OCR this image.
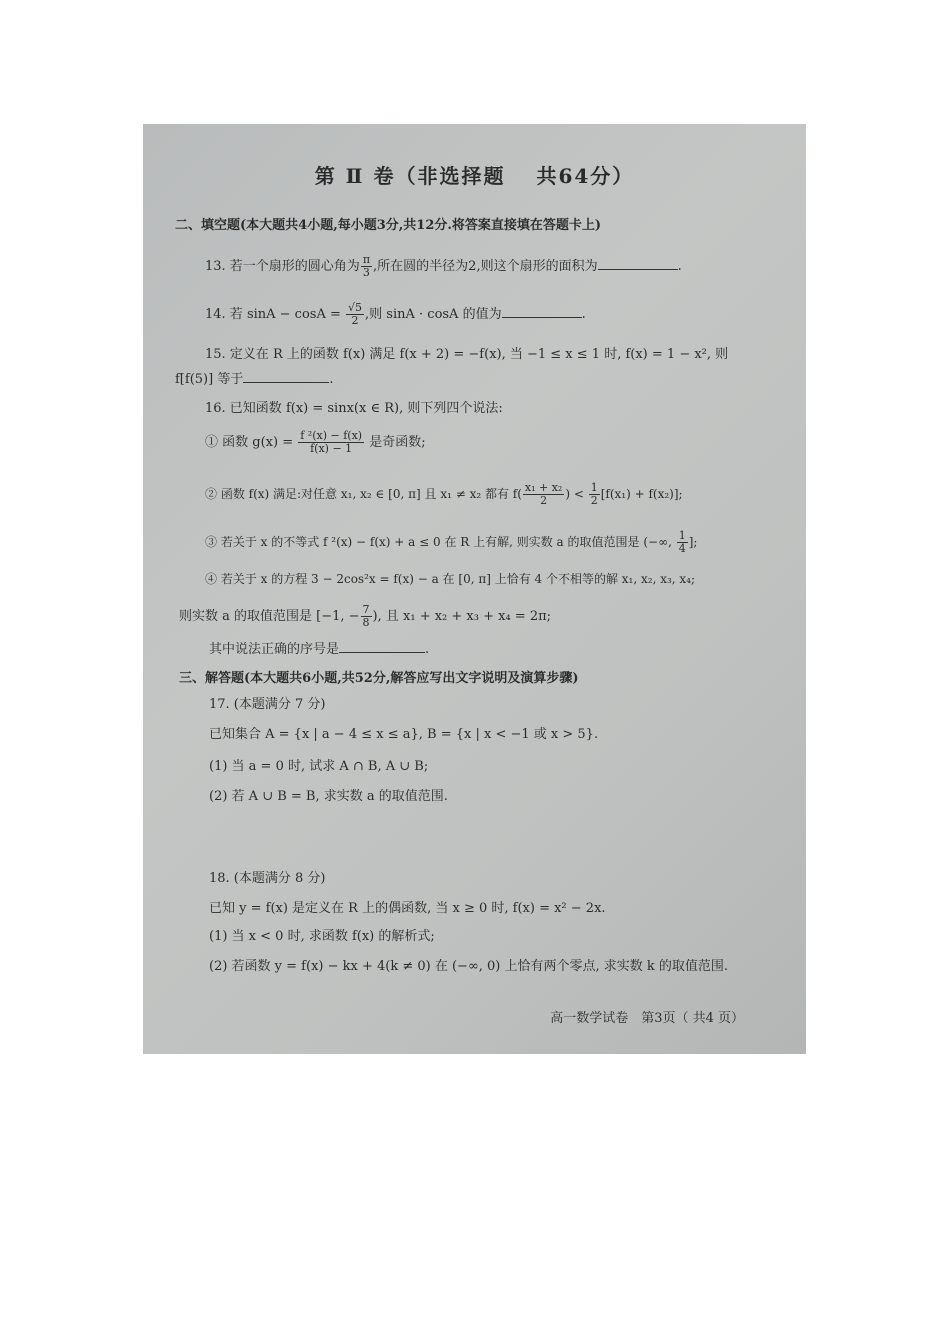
第 Ⅱ 卷（非选择题　 共64分）
二、填空题(本大题共4小题,每小题3分,共12分.将答案直接填在答题卡上)
13. 若一个扇形的圆心角为 $\frac{\pi}{3}$ ,所在圆的半径为2,则这个扇形的面积为	.
14. 若 $\sin A - \cos A = \frac{√5}{2}$ ,则 sinA · cosA 的值为	.
15. 定义在 R 上的函数 f(x) 满足 f(x + 2) = −f(x), 当 −1 ≤ x ≤ 1 时, f(x) = 1 − x², 则
f[f(5)] 等于	.
16. 已知函数 f(x) = sinx(x ∈ R), 则下列四个说法:
① 函数 $g(x) = \frac{\text{f ²(x) − f(x)}}{f(x) - 1}$ 是奇函数;
② 函数 f(x) 满足:对任意 x₁, x₂ ∈ [0, π] 且 x₁ ≠ x₂ 都有 $f( \frac{\text{x₁ + x₂}}{2}$ ) < $\frac{1}{2} [f(x_1) + f(x_2)]$;
③ 若关于 x 的不等式 f ²(x) − f(x) + a ≤ 0 在 R 上有解, 则实数 a 的取值范围是 (−∞, $\frac{1}{4}$ ];
④ 若关于 x 的方程 3 − 2cos²x = f(x) − a 在 [0, π] 上恰有 4 个不相等的解 x₁, x₂, x₃, x₄;
则实数 a 的取值范围是 [−1, − $\frac{7}{8}$ ), 且 x₁ + x₂ + x₃ + x₄ = 2π;
其中说法正确的序号是	.
三、解答题(本大题共6小题,共52分,解答应写出文字说明及演算步骤)
17. (本题满分 7 分)
已知集合 A = {x | a − 4 ≤ x ≤ a}, B = {x | x < −1 或 x > 5}.
(1) 当 a = 0 时, 试求 A ∩ B, A ∪ B;
(2) 若 A ∪ B = B, 求实数 a 的取值范围.
18. (本题满分 8 分)
已知 y = f(x) 是定义在 R 上的偶函数, 当 x ≥ 0 时, f(x) = x² − 2x.
(1) 当 x < 0 时, 求函数 f(x) 的解析式;
(2) 若函数 y = f(x) − kx + 4(k ≠ 0) 在 (−∞, 0) 上恰有两个零点, 求实数 k 的取值范围.
高一数学试卷　第3页（ 共4 页）
